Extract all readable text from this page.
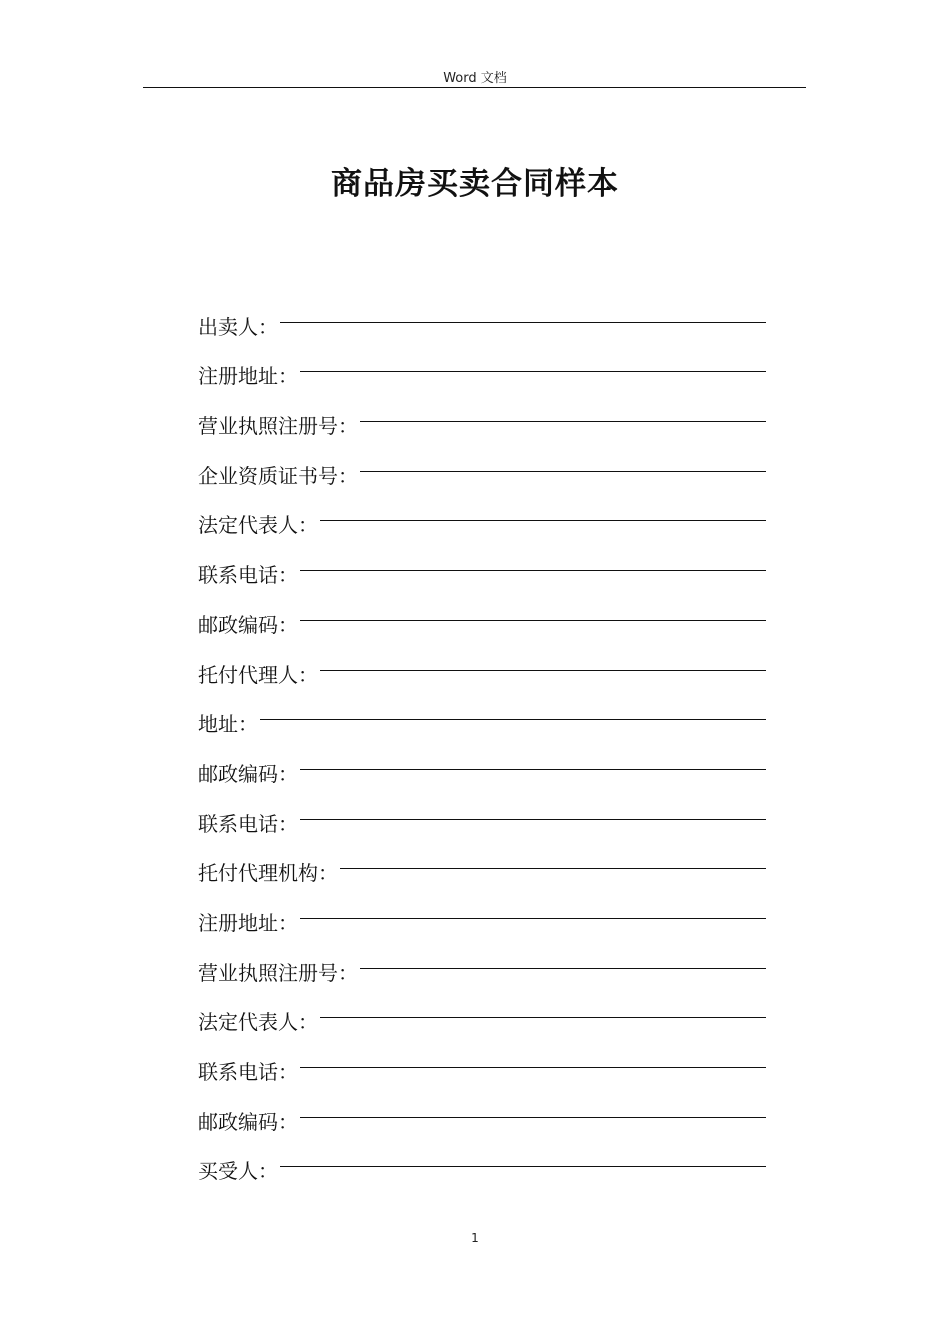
Word 文档
商品房买卖合同样本
出卖人：
注册地址：
营业执照注册号：
企业资质证书号：
法定代表人：
联系电话：
邮政编码：
托付代理人：
地址：
邮政编码：
联系电话：
托付代理机构：
注册地址：
营业执照注册号：
法定代表人：
联系电话：
邮政编码：
买受人：
1
